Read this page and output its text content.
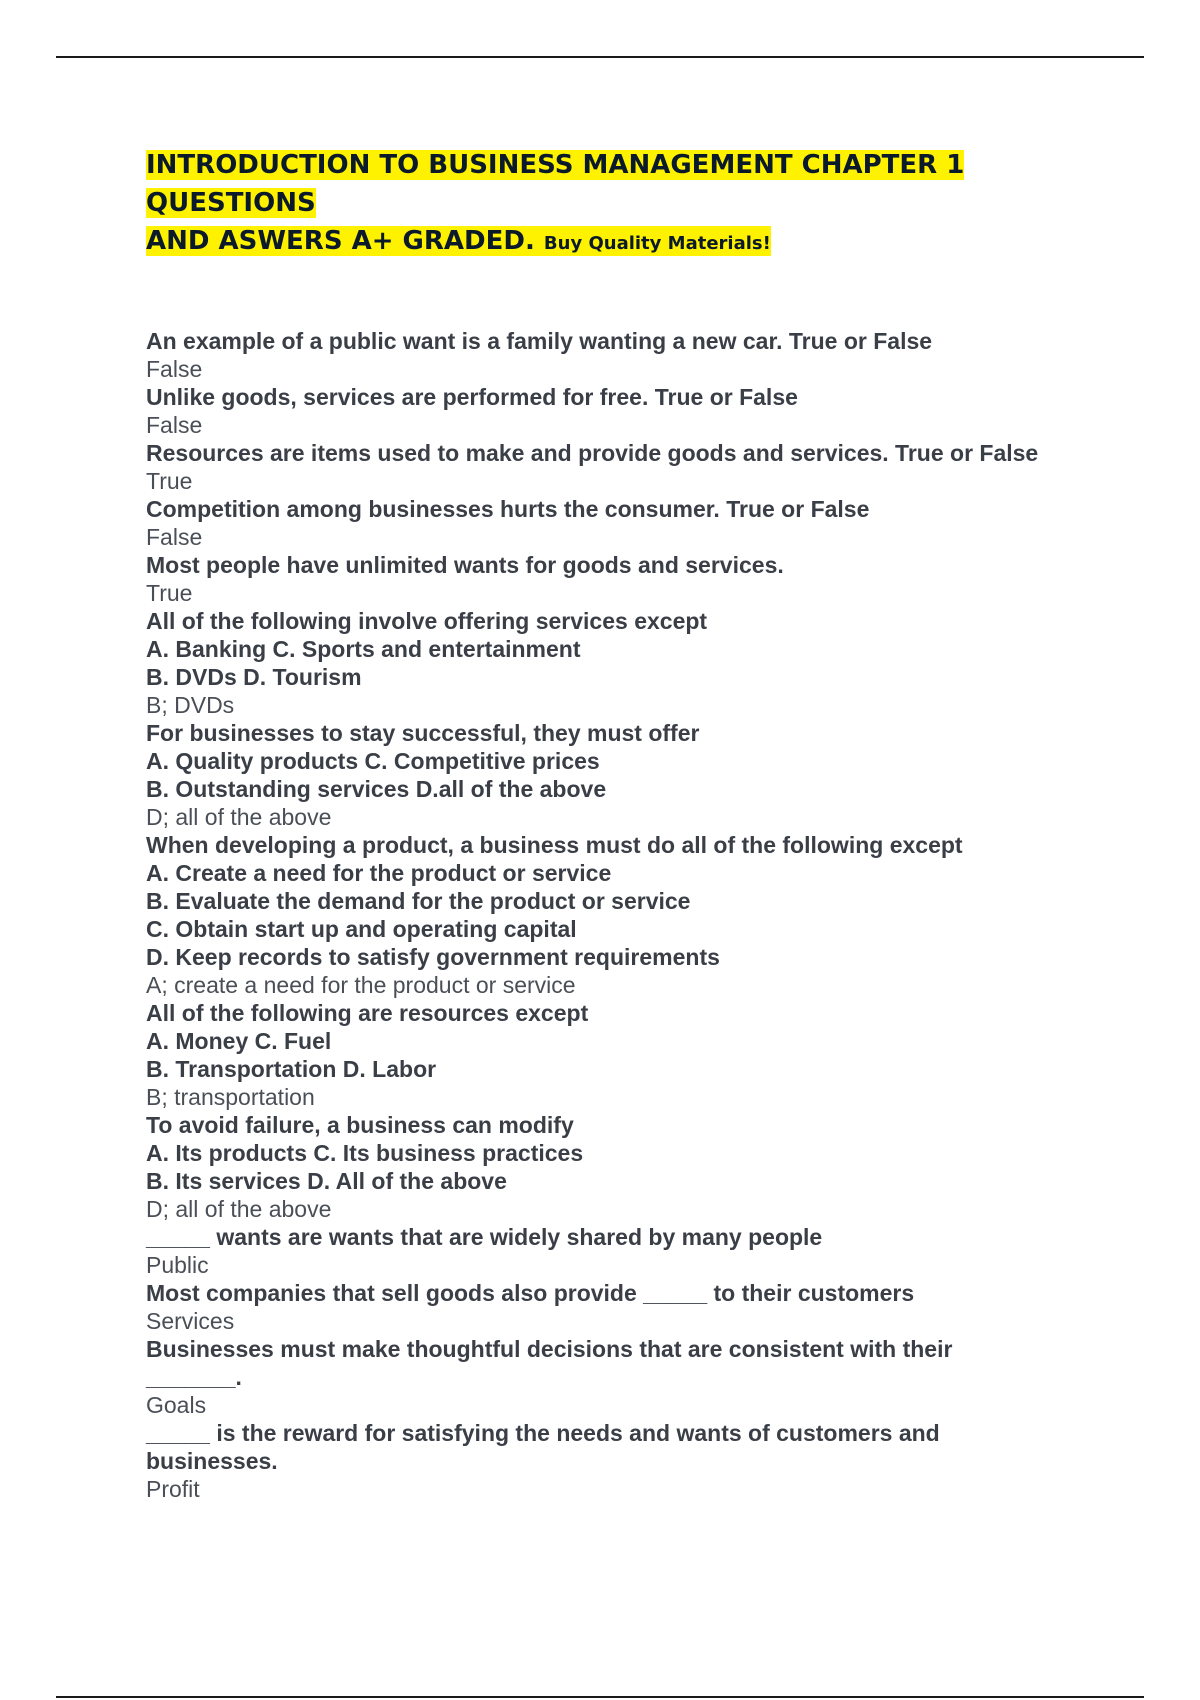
INTRODUCTION TO BUSINESS MANAGEMENT CHAPTER 1 QUESTIONS
AND ASWERS A+ GRADED. Buy Quality Materials!
An example of a public want is a family wanting a new car. True or False
False
Unlike goods, services are performed for free. True or False
False
Resources are items used to make and provide goods and services. True or False
True
Competition among businesses hurts the consumer. True or False
False
Most people have unlimited wants for goods and services.
True
All of the following involve offering services except
A. Banking C. Sports and entertainment
B. DVDs D. Tourism
B; DVDs
For businesses to stay successful, they must offer
A. Quality products C. Competitive prices
B. Outstanding services D.all of the above
D; all of the above
When developing a product, a business must do all of the following except
A. Create a need for the product or service
B. Evaluate the demand for the product or service
C. Obtain start up and operating capital
D. Keep records to satisfy government requirements
A; create a need for the product or service
All of the following are resources except
A. Money C. Fuel
B. Transportation D. Labor
B; transportation
To avoid failure, a business can modify
A. Its products C. Its business practices
B. Its services D. All of the above
D; all of the above
_____ wants are wants that are widely shared by many people
Public
Most companies that sell goods also provide _____ to their customers
Services
Businesses must make thoughtful decisions that are consistent with their
_______.
Goals
_____ is the reward for satisfying the needs and wants of customers and
businesses.
Profit
